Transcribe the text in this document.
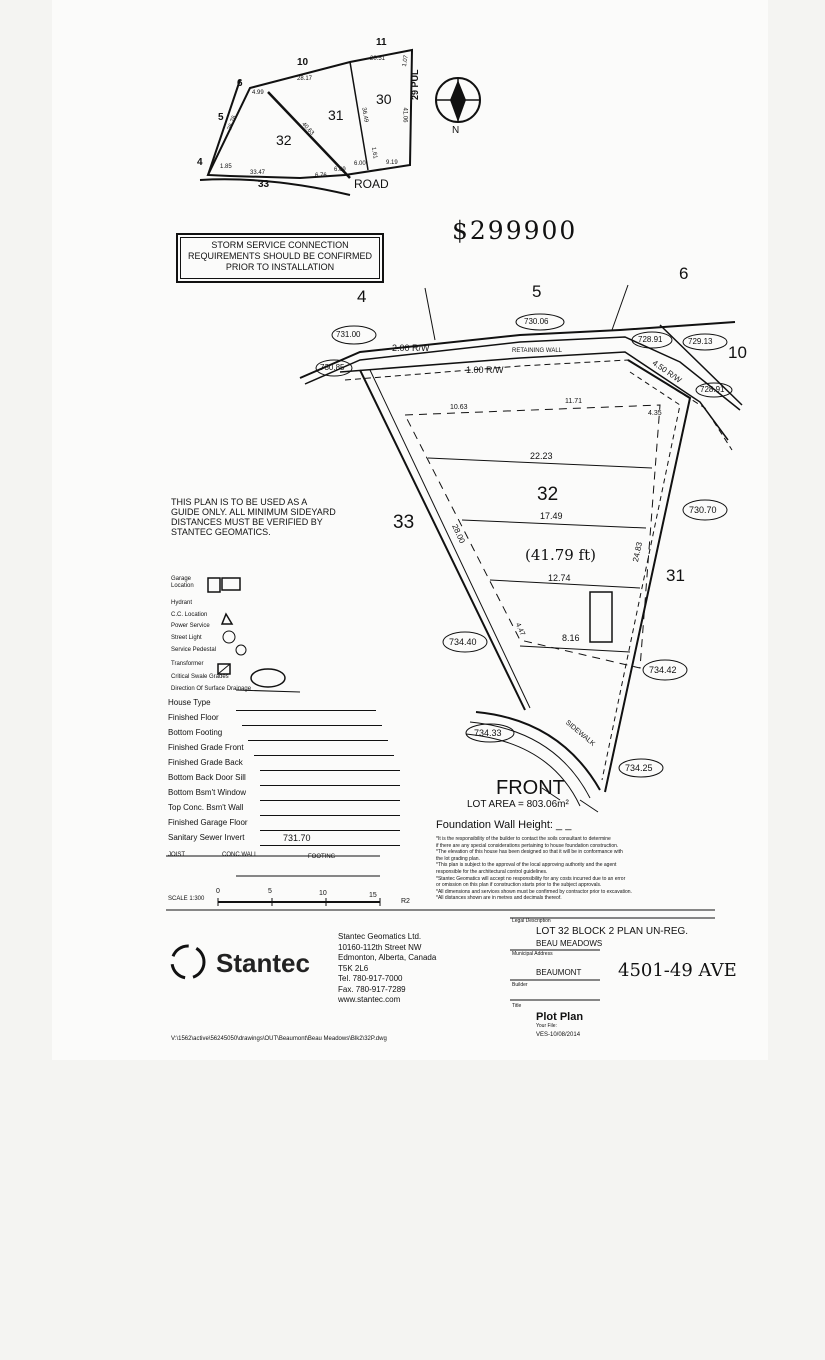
10
11
6
5
4
30
31
32
33	ROAD
29 PUL
N
28.17
20.51	1.07
4.99
26.76	40.63
36.49	41.06
1.85
33.47	6.76
6.69
6.00
1.61
9.19
$299900
STORM SERVICE CONNECTION
REQUIREMENTS SHOULD BE CONFIRMED
PRIOR TO INSTALLATION
4	5
6
10
31
32
33
731.00
730.06
728.91	729.13
730.85
728.91
730.70
734.40
734.42
734.33
734.25
2.00 R/W	RETAINING WALL
1.00 R/W	4.50 R/W
10.63
11.71
4.35
22.23
17.49
12.74
8.16
28.00
24.83
4.47
(41.79 ft)
SIDEWALK
FRONT
LOT AREA = 803.06m²
THIS PLAN IS TO BE USED AS A
GUIDE ONLY. ALL MINIMUM SIDEYARD
DISTANCES MUST BE VERIFIED BY
STANTEC GEOMATICS.
Garage Location
Hydrant
C.C. Location
Power Service
Street Light
Service Pedestal
Transformer
Critical Swale Grades
Direction Of Surface Drainage
House Type
Finished Floor
Bottom Footing
Finished Grade Front
Finished Grade Back
Bottom Back Door Sill
Bottom Bsm't Window
Top Conc. Bsm't Wall
Finished Garage Floor
Sanitary Sewer Invert	731.70
JOIST	CONC.WALL	FOOTING
SCALE 1:300
0	5	10	15
R2
Foundation Wall Height: _ _
*It is the responsibility of the builder to contact the soils consultant to determine
if there are any special considerations pertaining to house foundation construction.
*The elevation of this house has been designed so that it will be in conformance with
the lot grading plan.
*This plan is subject to the approval of the local approving authority and the agent
responsible for the architectural control guidelines.
*Stantec Geomatics will accept no responsibility for any costs incurred due to an error
or omission on this plan if construction starts prior to the subject approvals.
*All dimensions and services shown must be confirmed by contractor prior to excavation.
*All distances shown are in metres and decimals thereof.
Stantec
Stantec Geomatics Ltd.
10160-112th Street NW
Edmonton, Alberta, Canada
T5K 2L6
Tel. 780-917-7000
Fax. 780-917-7289
www.stantec.com
Legal Description
LOT 32 BLOCK 2 PLAN UN-REG.
BEAU MEADOWS
Municipal Address
BEAUMONT 4501-49 AVE
Builder
Title
Plot Plan
Your File:
VES-10/08/2014
V:\1562\active\56245050\drawings\OUT\Beaumont\Beau Meadows\Blk2\32P.dwg
